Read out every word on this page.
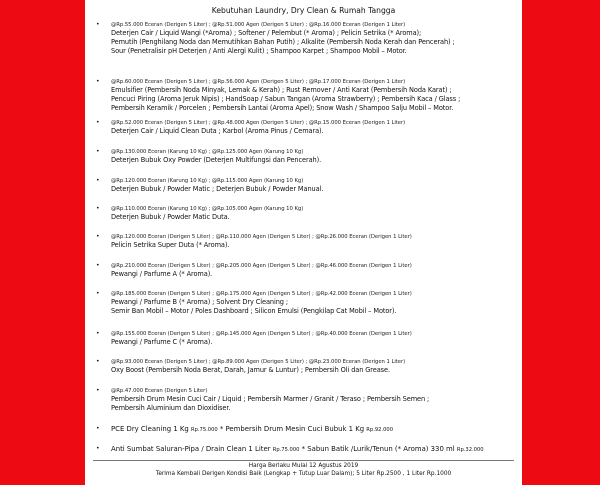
Kebutuhan Laundry, Dry Clean & Rumah Tangga
• @Rp.55.000 Eceran (Derigen 5 Liter) ; @Rp.51.000 Agen (Derigen 5 Liter) ; @Rp.16.000 Eceran (Derigen 1 Liter)
Deterjen Cair / Liquid Wangi (*Aroma) ; Softener / Pelembut (* Aroma) ; Pelicin Setrika (* Aroma);
Pemutih (Penghilang Noda dan Memutihkan Bahan Putih) ; Alkalite (Pembersih Noda Kerah dan Pencerah) ;
Sour (Penetralisir pH Deterjen / Anti Alergi Kulit) ; Shampoo Karpet ; Shampoo Mobil – Motor.
• @Rp.60.000 Eceran (Derigen 5 Liter) ; @Rp.56.000 Agen (Derigen 5 Liter) ; @Rp.17.000 Eceran (Derigen 1 Liter)
Emulsifier (Pembersih Noda Minyak, Lemak & Kerah) ; Rust Remover / Anti Karat (Pembersih Noda Karat) ;
Pencuci Piring (Aroma Jeruk Nipis) ; HandSoap / Sabun Tangan (Aroma Strawberry) ; Pembersih Kaca / Glass ;
Pembersih Keramik / Porcelen ; Pembersih Lantai (Aroma Apel); Snow Wash / Shampoo Salju Mobil – Motor.
• @Rp.52.000 Eceran (Derigen 5 Liter) ; @Rp.48.000 Agen (Derigen 5 Liter) ; @Rp.15.000 Eceran (Derigen 1 Liter)
Deterjen Cair / Liquid Clean Duta ; Karbol (Aroma Pinus / Cemara).
• @Rp.130.000 Eceran (Karung 10 Kg) ; @Rp.125.000 Agen (Karung 10 Kg)
Deterjen Bubuk Oxy Powder (Deterjen Multifungsi dan Pencerah).
• @Rp.120.000 Eceran (Karung 10 Kg) ; @Rp.115.000 Agen (Karung 10 Kg)
Deterjen Bubuk / Powder Matic ; Deterjen Bubuk / Powder Manual.
• @Rp.110.000 Eceran (Karung 10 Kg) ; @Rp.105.000 Agen (Karung 10 Kg)
Deterjen Bubuk / Powder Matic Duta.
• @Rp.120.000 Eceran (Derigen 5 Liter) ; @Rp.110.000 Agen (Derigen 5 Liter) ; @Rp.26.000 Eceran (Derigen 1 Liter)
Pelicin Setrika Super Duta (* Aroma).
• @Rp.210.000 Eceran (Derigen 5 Liter) ; @Rp.205.000 Agen (Derigen 5 Liter) ; @Rp.46.000 Eceran (Derigen 1 Liter)
Pewangi / Parfume A (* Aroma).
• @Rp.185.000 Eceran (Derigen 5 Liter) ; @Rp.175.000 Agen (Derigen 5 Liter) ; @Rp.42.000 Eceran (Derigen 1 Liter)
Pewangi / Parfume B (* Aroma) ; Solvent Dry Cleaning ;
Semir Ban Mobil – Motor / Poles Dashboard ; Silicon Emulsi (Pengkilap Cat Mobil – Motor).
• @Rp.155.000 Eceran (Derigen 5 Liter) ; @Rp.145.000 Agen (Derigen 5 Liter) ; @Rp.40.000 Eceran (Derigen 1 Liter)
Pewangi / Parfume C (* Aroma).
• @Rp.93.000 Eceran (Derigen 5 Liter) ; @Rp.89.000 Agen (Derigen 5 Liter) ; @Rp.23.000 Eceran (Derigen 1 Liter)
Oxy Boost (Pembersih Noda Berat, Darah, Jamur & Luntur) ; Pembersih Oli dan Grease.
• @Rp.47.000 Eceran (Derigen 5 Liter)
Pembersih Drum Mesin Cuci Cair / Liquid ; Pembersih Marmer / Granit / Teraso ; Pembersih Semen ;
Pembersih Aluminium dan Dioxidiser.
• PCE Dry Cleaning 1 Kg Rp.75.000 * Pembersih Drum Mesin Cuci Bubuk 1 Kg Rp.92.000
• Anti Sumbat Saluran-Pipa / Drain Clean 1 Liter Rp.75.000 * Sabun Batik /Lurik/Tenun (* Aroma) 330 ml Rp.32.000
Harga Berlaku Mulai 12 Agustus 2019
Terima Kembali Derigen Kondisi Baik (Lengkap + Tutup Luar Dalam); 5 Liter Rp.2500 , 1 Liter Rp.1000
